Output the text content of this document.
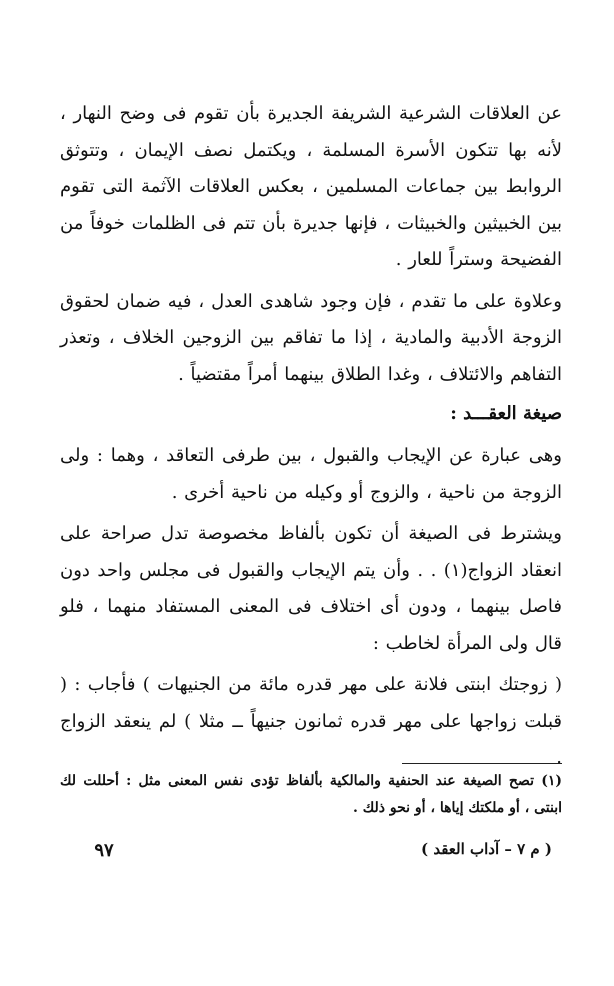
عن العلاقات الشرعية الشريفة الجديرة بأن تقوم فى وضح النهار ، لأنه بها تتكون الأسرة المسلمة ، ويكتمل نصف الإيمان ، وتتوثق الروابط بين جماعات المسلمين ، بعكس العلاقات الآثمة التى تقوم بين الخبيثين والخبيثات ، فإنها جديرة بأن تتم فى الظلمات خوفاً من الفضيحة وستراً للعار .

وعلاوة على ما تقدم ، فإن وجود شاهدى العدل ، فيه ضمان لحقوق الزوجة الأدبية والمادية ، إذا ما تفاقم بين الزوجين الخلاف ، وتعذر التفاهم والائتلاف ، وغدا الطلاق بينهما أمراً مقتضياً .

صيغة العقـــد :

وهى عبارة عن الإيجاب والقبول ، بين طرفى التعاقد ، وهما : ولى الزوجة من ناحية ، والزوج أو وكيله من ناحية أخرى .

ويشترط فى الصيغة أن تكون بألفاظ مخصوصة تدل صراحة على انعقاد الزواج(١) . . وأن يتم الإيجاب والقبول فى مجلس واحد دون فاصل بينهما ، ودون أى اختلاف فى المعنى المستفاد منهما ، فلو قال ولى المرأة لخاطب :

( زوجتك ابنتى فلانة على مهر قدره مائة من الجنيهات ) فأجاب : ( قبلت زواجها على مهر قدره ثمانون جنيهاً ــ مثلا ) لم ينعقد الزواج .

(١) تصح الصيغة عند الحنفية والمالكية بألفاظ تؤدى نفس المعنى مثل : أحللت لك ابنتى ، أو ملكتك إياها ، أو نحو ذلك .
( م ٧ – آداب العقد )
٩٧
